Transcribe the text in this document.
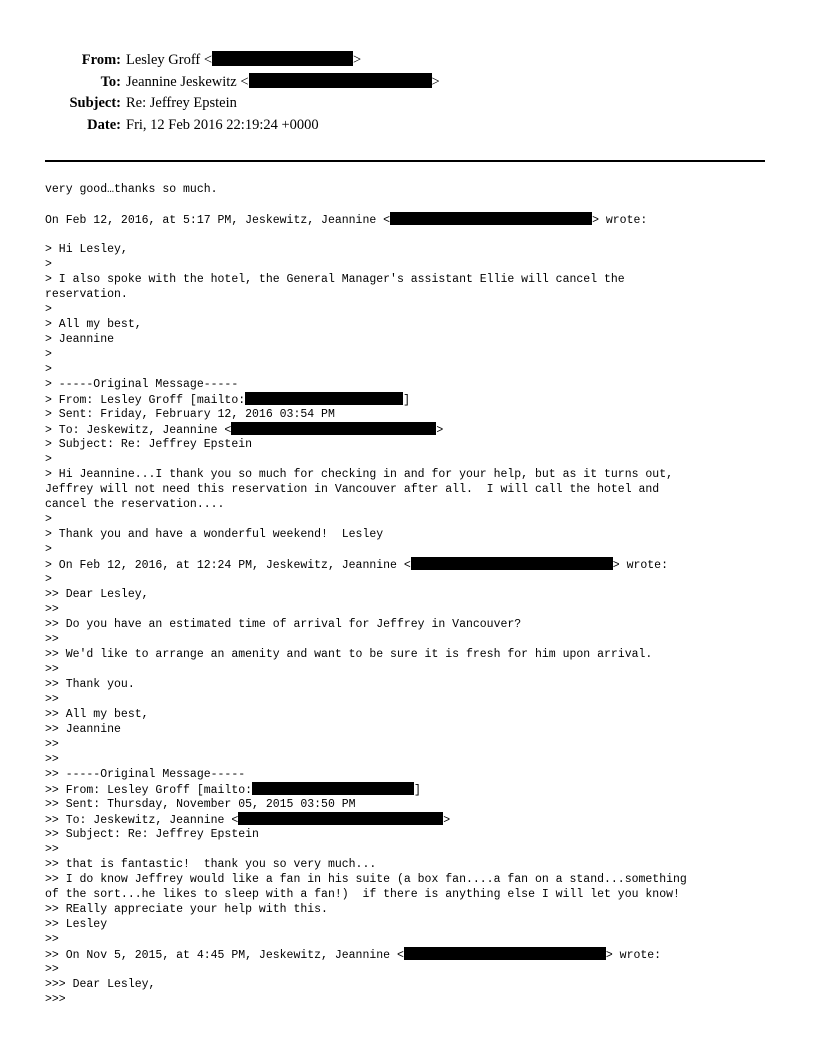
From: Lesley Groff <	>
To: Jeannine Jeskewitz <	>
Subject: Re: Jeffrey Epstein
Date: Fri, 12 Feb 2016 22:19:24 +0000
very good…thanks so much.
On Feb 12, 2016, at 5:17 PM, Jeskewitz, Jeannine <	> wrote:
> Hi Lesley,
>
> I also spoke with the hotel, the General Manager's assistant Ellie will cancel the
reservation.
>
> All my best,
> Jeannine
>
>
> -----Original Message-----
> From: Lesley Groff [mailto:	]
> Sent: Friday, February 12, 2016 03:54 PM
> To: Jeskewitz, Jeannine <	>
> Subject: Re: Jeffrey Epstein
>
> Hi Jeannine...I thank you so much for checking in and for your help, but as it turns out,
Jeffrey will not need this reservation in Vancouver after all.  I will call the hotel and
cancel the reservation....
>
> Thank you and have a wonderful weekend!  Lesley
>
> On Feb 12, 2016, at 12:24 PM, Jeskewitz, Jeannine <	> wrote:
>
>> Dear Lesley,
>>
>> Do you have an estimated time of arrival for Jeffrey in Vancouver?
>>
>> We'd like to arrange an amenity and want to be sure it is fresh for him upon arrival.
>>
>> Thank you.
>>
>> All my best,
>> Jeannine
>>
>>
>> -----Original Message-----
>> From: Lesley Groff [mailto:	]
>> Sent: Thursday, November 05, 2015 03:50 PM
>> To: Jeskewitz, Jeannine <	>
>> Subject: Re: Jeffrey Epstein
>>
>> that is fantastic!  thank you so very much...
>> I do know Jeffrey would like a fan in his suite (a box fan....a fan on a stand...something
of the sort...he likes to sleep with a fan!)  if there is anything else I will let you know!
>> REally appreciate your help with this.
>> Lesley
>>
>> On Nov 5, 2015, at 4:45 PM, Jeskewitz, Jeannine <	> wrote:
>>
>>> Dear Lesley,
>>>
